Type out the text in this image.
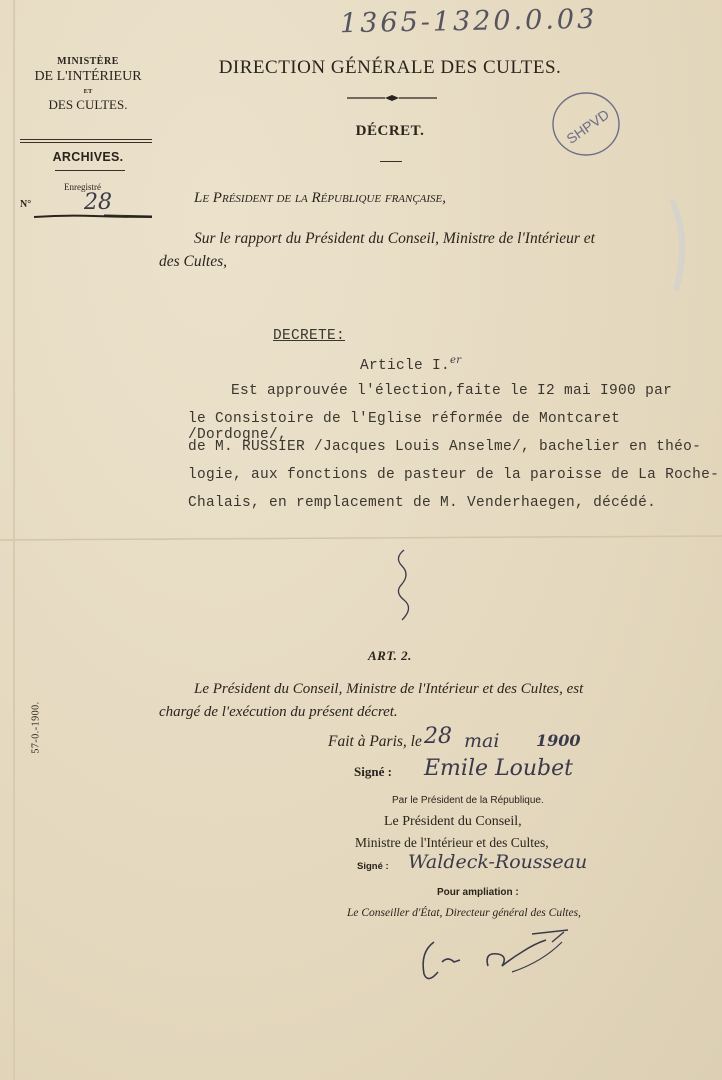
1365-1320.0.03
MINISTÈRE
DE L'INTÉRIEUR
ET
DES CULTES.
ARCHIVES.
Enregistré
N° 28
SHPVD
57-0.-1900.
DIRECTION GÉNÉRALE DES CULTES.
DÉCRET.
Le Président de la République française,
Sur le rapport du Président du Conseil, Ministre de l'Intérieur et
des Cultes,
DECRETE:
Article I.$^{er}$
Est approuvée l'élection,faite le I2 mai I900 par
le Consistoire de l'Eglise réformée de Montcaret /Dordogne/,
de M. RUSSIER /Jacques Louis Anselme/, bachelier en théo-
logie, aux fonctions de pasteur de la paroisse de La Roche-
Chalais, en remplacement de M. Venderhaegen, décédé.
ART. 2.
Le Président du Conseil, Ministre de l'Intérieur et des Cultes, est
chargé de l'exécution du présent décret.
Fait à Paris, le 28 mai 1900
Signé : Emile Loubet
Par le Président de la République.
Le Président du Conseil,
Ministre de l'Intérieur et des Cultes,
Signé : Waldeck-Rousseau
Pour ampliation :
Le Conseiller d'État, Directeur général des Cultes,
